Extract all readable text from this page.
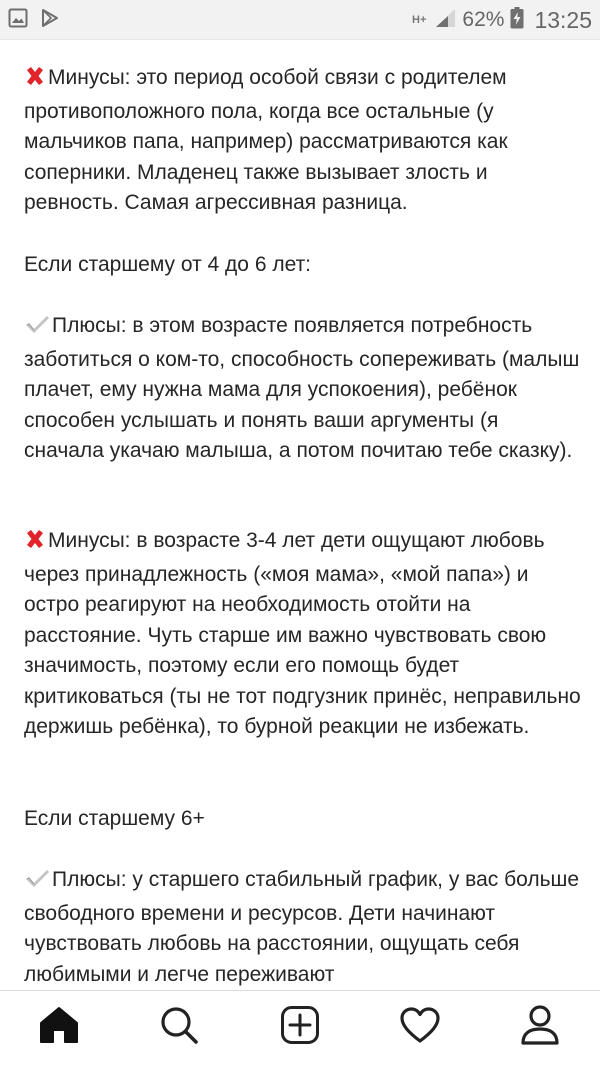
H+ 62% 13:25

Минусы: это период особой связи с родителем противоположного пола, когда все остальные (у мальчиков папа, например) рассматриваются как соперники. Младенец также вызывает злость и ревность. Самая агрессивная разница.

Если старшему от 4 до 6 лет:

Плюсы: в этом возрасте появляется потребность заботиться о ком-то, способность сопереживать (малыш плачет, ему нужна мама для успокоения), ребёнок способен услышать и понять ваши аргументы (я сначала укачаю малыша, а потом почитаю тебе сказку).

Минусы: в возрасте 3-4 лет дети ощущают любовь через принадлежность («моя мама», «мой папа») и остро реагируют на необходимость отойти на расстояние. Чуть старше им важно чувствовать свою значимость, поэтому если его помощь будет критиковаться (ты не тот подгузник принёс, неправильно держишь ребёнка), то бурной реакции не избежать.

Если старшему 6+

Плюсы: у старшего стабильный график, у вас больше свободного времени и ресурсов. Дети начинают чувствовать любовь на расстоянии, ощущать себя любимыми и легче переживают
